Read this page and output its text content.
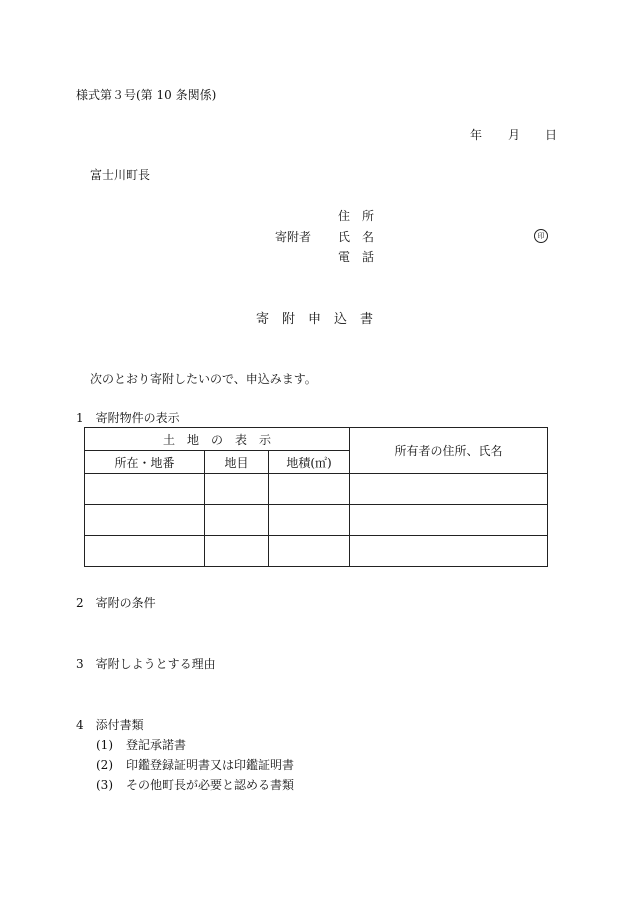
様式第３号(第 10 条関係)
年 月 日
富士川町長
住　所
寄附者 氏　名	印
電　話
寄　附　申　込　書
次のとおり寄附したいので、申込みます。
1 寄附物件の表示
土　地　の　表　示			所有者の住所、氏名
所在・地番	地目	地積(㎡)	

2 寄附の条件
3 寄附しようとする理由
4 添付書類
(1) 登記承諾書
(2) 印鑑登録証明書又は印鑑証明書
(3) その他町長が必要と認める書類
